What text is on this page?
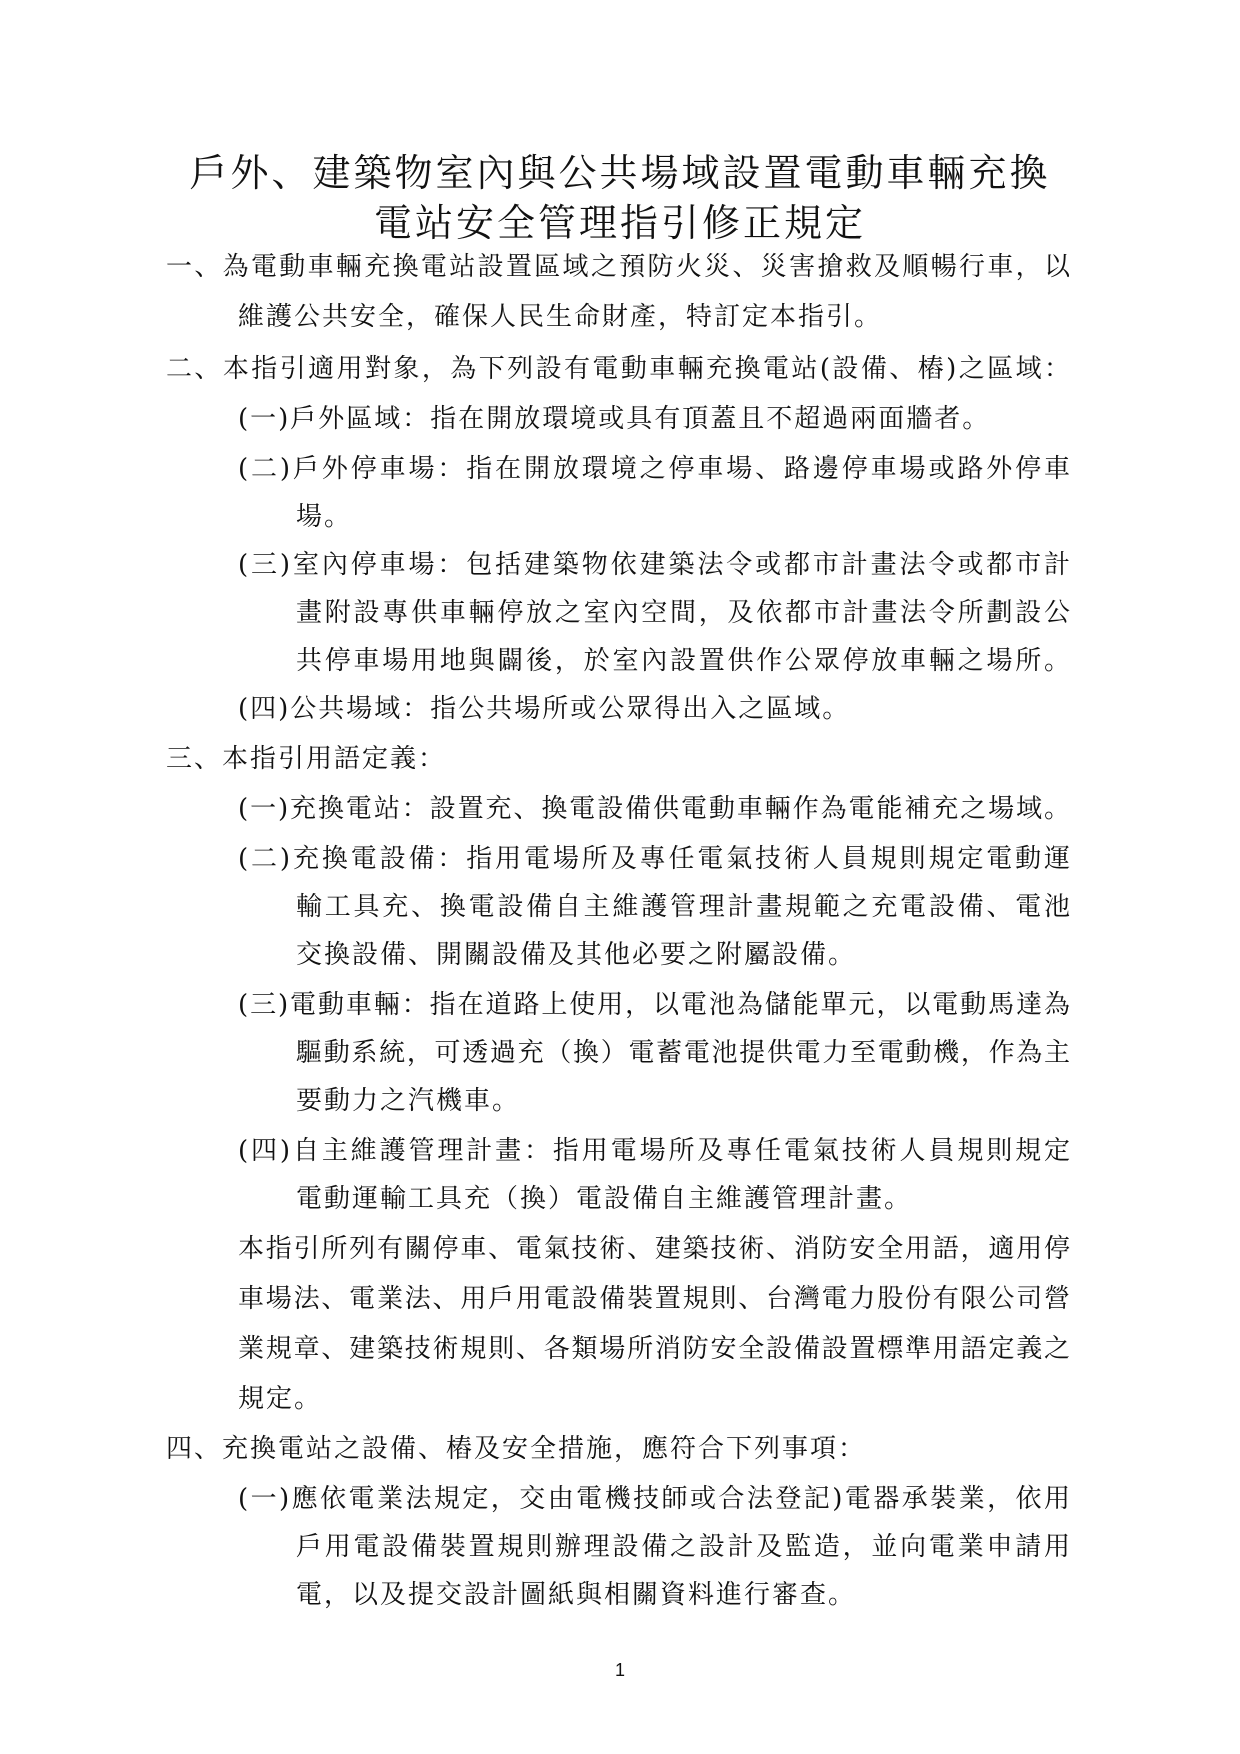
戶外、建築物室內與公共場域設置電動車輛充換
電站安全管理指引修正規定
一、為電動車輛充換電站設置區域之預防火災、災害搶救及順暢行車，以
維護公共安全，確保人民生命財產，特訂定本指引。
二、本指引適用對象，為下列設有電動車輛充換電站(設備、樁)之區域：
(一)戶外區域：指在開放環境或具有頂蓋且不超過兩面牆者。
(二)戶外停車場：指在開放環境之停車場、路邊停車場或路外停車
場。
(三)室內停車場：包括建築物依建築法令或都市計畫法令或都市計
畫附設專供車輛停放之室內空間，及依都市計畫法令所劃設公
共停車場用地與闢後，於室內設置供作公眾停放車輛之場所。
(四)公共場域：指公共場所或公眾得出入之區域。
三、本指引用語定義：
(一)充換電站：設置充、換電設備供電動車輛作為電能補充之場域。
(二)充換電設備：指用電場所及專任電氣技術人員規則規定電動運
輸工具充、換電設備自主維護管理計畫規範之充電設備、電池
交換設備、開關設備及其他必要之附屬設備。
(三)電動車輛：指在道路上使用，以電池為儲能單元，以電動馬達為
驅動系統，可透過充（換）電蓄電池提供電力至電動機，作為主
要動力之汽機車。
(四)自主維護管理計畫：指用電場所及專任電氣技術人員規則規定
電動運輸工具充（換）電設備自主維護管理計畫。
本指引所列有關停車、電氣技術、建築技術、消防安全用語，適用停
車場法、電業法、用戶用電設備裝置規則、台灣電力股份有限公司營
業規章、建築技術規則、各類場所消防安全設備設置標準用語定義之
規定。
四、充換電站之設備、樁及安全措施，應符合下列事項：
(一)應依電業法規定，交由電機技師或合法登記)電器承裝業，依用
戶用電設備裝置規則辦理設備之設計及監造，並向電業申請用
電，以及提交設計圖紙與相關資料進行審查。
1
